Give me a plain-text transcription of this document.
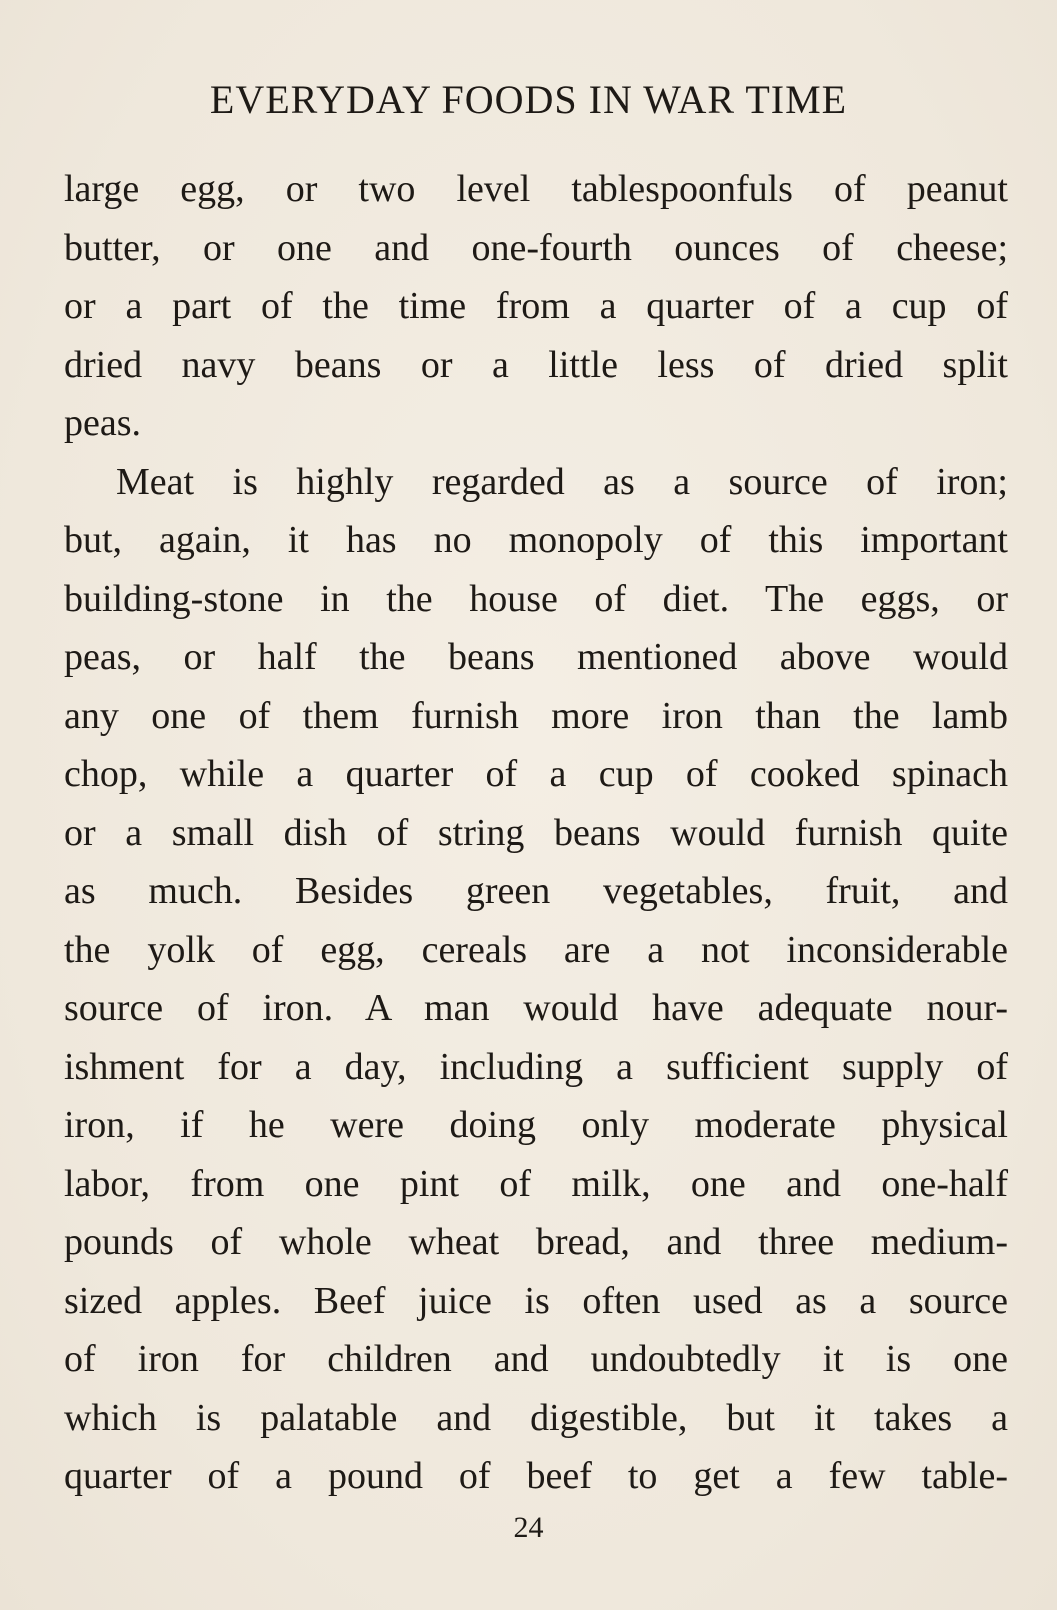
EVERYDAY FOODS IN WAR TIME
large egg, or two level tablespoonfuls of peanut
butter, or one and one-fourth ounces of cheese;
or a part of the time from a quarter of a cup of
dried navy beans or a little less of dried split
peas.
Meat is highly regarded as a source of iron;
but, again, it has no monopoly of this important
building-stone in the house of diet. The eggs, or
peas, or half the beans mentioned above would
any one of them furnish more iron than the lamb
chop, while a quarter of a cup of cooked spinach
or a small dish of string beans would furnish quite
as much. Besides green vegetables, fruit, and
the yolk of egg, cereals are a not inconsiderable
source of iron. A man would have adequate nour-
ishment for a day, including a sufficient supply of
iron, if he were doing only moderate physical
labor, from one pint of milk, one and one-half
pounds of whole wheat bread, and three medium-
sized apples. Beef juice is often used as a source
of iron for children and undoubtedly it is one
which is palatable and digestible, but it takes a
quarter of a pound of beef to get a few table-
24
